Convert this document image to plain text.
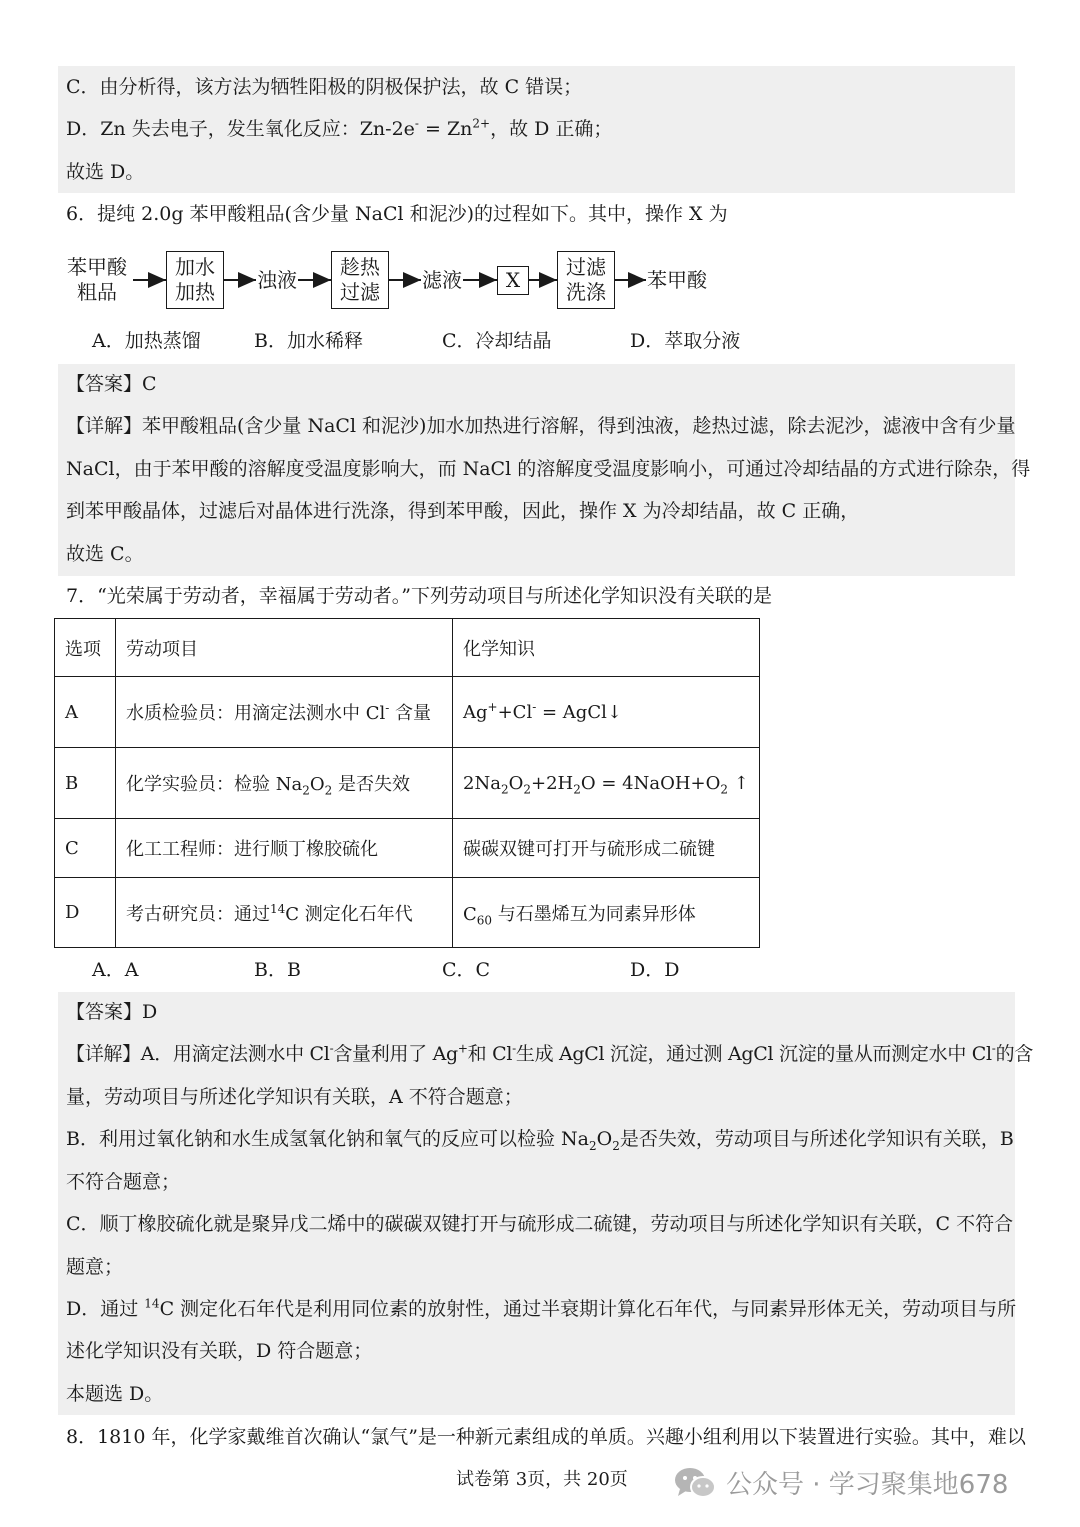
C．由分析得，该方法为牺牲阳极的阴极保护法，故 C 错误；
D．Zn 失去电子，发生氧化反应：$Zn-2e^- = Zn^{2+}$，故 D 正确；
故选 D。
6．提纯 2.0g 苯甲酸粗品(含少量 NaCl 和泥沙)的过程如下。其中，操作 X 为
苯甲酸
粗品
加水
加热 浊液
趁热
过滤 滤液 X
过滤
洗涤 苯甲酸
A．加热蒸馏	B．加水稀释	C．冷却结晶	D．萃取分液
【答案】C
【详解】苯甲酸粗品(含少量 NaCl 和泥沙)加水加热进行溶解，得到浊液，趁热过滤，除去泥沙，滤液中含有少量
NaCl，由于苯甲酸的溶解度受温度影响大，而 NaCl 的溶解度受温度影响小，可通过冷却结晶的方式进行除杂，得
到苯甲酸晶体，过滤后对晶体进行洗涤，得到苯甲酸，因此，操作 X 为冷却结晶，故 C 正确，
故选 C。
7．“光荣属于劳动者，幸福属于劳动者。”下列劳动项目与所述化学知识没有关联的是
选项	劳动项目	化学知识
A	水质检验员：用滴定法测水中 Cl- 含量	Ag++Cl- = AgCl↓
B	化学实验员：检验 $Na_2O_2$ 是否失效	$2Na_2O_2+2H_2O$ = $4NaOH+O_2$ ↑
C	化工工程师：进行顺丁橡胶硫化	碳碳双键可打开与硫形成二硫键
D	考古研究员：通过$^{14}$C 测定化石年代	$C_{60}$ 与石墨烯互为同素异形体
A．A	B．B	C．C	D．D
【答案】D
【详解】A．用滴定法测水中 Cl-含量利用了 Ag+和 Cl-生成 AgCl 沉淀，通过测 AgCl 沉淀的量从而测定水中 Cl-的含
量，劳动项目与所述化学知识有关联，A 不符合题意；
B．利用过氧化钠和水生成氢氧化钠和氧气的反应可以检验 $Na_2O_2$是否失效，劳动项目与所述化学知识有关联，B
不符合题意；
C．顺丁橡胶硫化就是聚异戊二烯中的碳碳双键打开与硫形成二硫键，劳动项目与所述化学知识有关联，C 不符合
题意；
D．通过 $^{14}$C 测定化石年代是利用同位素的放射性，通过半衰期计算化石年代，与同素异形体无关，劳动项目与所
述化学知识没有关联，D 符合题意；
本题选 D。
8．1810 年，化学家戴维首次确认“氯气”是一种新元素组成的单质。兴趣小组利用以下装置进行实验。其中，难以
试卷第 3页，共 20页	公众号 · 学习聚集地678
